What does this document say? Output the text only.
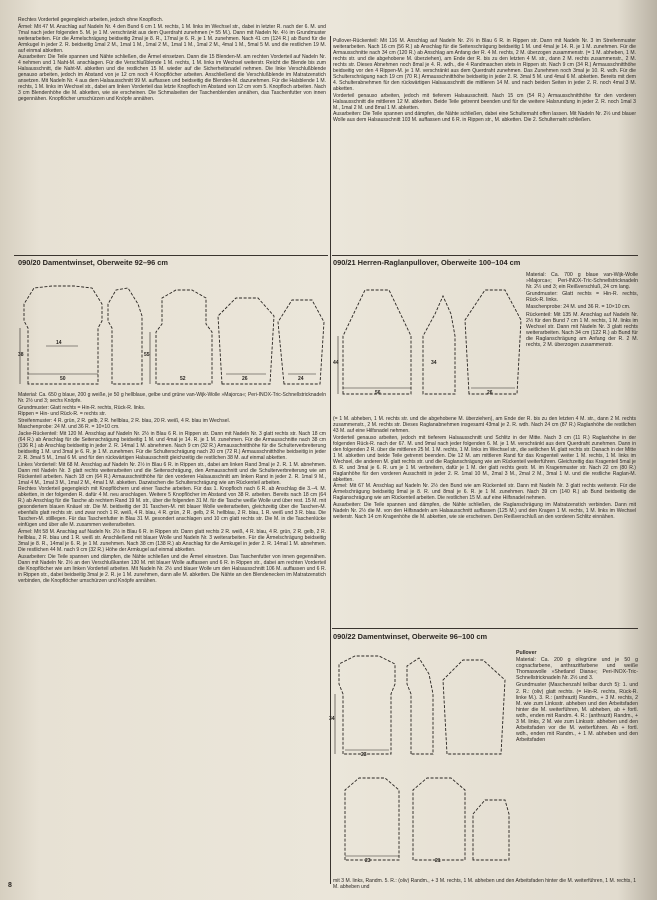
Rechtes Vorderteil gegengleich arbeiten, jedoch ohne Knopfloch.

Ärmel: Mit 47 M. Anschlag auf Nadeln Nr. 4 den Bund 6 cm 1 M. rechts, 1 M. links im Wechsel str., dabei in letzter R. nach der 6. M. und 7mal nach jeder folgenden 5. M. je 1 M. verschränkt aus dem Querdraht zunehmen (= 55 M.). Dann mit Nadeln Nr. 4½ im Grundmuster weiterarbeiten. Für die Ärmelschrägung beidseitig 2mal je 8. R., 17mal je 6. R. je 1 M. zunehmen. Nach 41 cm (124 R.) ab Bund für die Armkugel in jeder 2. R. beidseitig 1mal 2 M., 1mal 1 M., 1mal 2 M., 1mal 1 M., 1mal 2 M., 4mal 1 M., 5mal 5 M. und die restlichen 19 M. auf einmal abketten.

Ausarbeiten: Die Teile spannen und Nähte schließen, die Ärmel einsetzen. Dann die 15 Blenden-M. am rechten Vorderteil auf Nadeln Nr. 4 nehmen und 1 Naht-M. anschlagen. Für die Verschlußblende 1 M. rechts, 1 M. links im Wechsel weiterstr. Reicht die Blende bis zum Halsausschnitt, die Naht-M. abketten und die restlichen 15 M. wieder auf die Sicherheitsnadel nehmen. Die linke Verschlußblende genauso arbeiten, jedoch im Abstand von je 12 cm noch 4 Knopflöcher arbeiten. Anschließend die Verschlußblende im Matratzenstich ansetzen. Mit Nadeln Nr. 4 aus dem Halsausschnitt 99 M. auffassen und beidseitig die Blenden-M. dazunehmen. Für die Halsblende 1 M. rechts, 1 M. links im Wechsel str., dabei am linken Vorderteil das letzte Knopfloch im Abstand von 12 cm vom 5. Knopfloch arbeiten. Nach 3 cm Blendenhöhe die M. abketten, wie sie erscheinen. Die Schmalseiten der Taschenblenden annähen, das Taschenfutter von innen gegennähen. Knopflöcher umschürzen und Knöpfe annähen.

090/20 Damentwinset, Oberweite 92–96 cm

14
38
50
55
26	24
52

Material: Ca. 650 g blaue, 200 g weiße, je 50 g hellblaue, gelbe und grüne van-Wijk-Wolle »Majorca«; Peri-INOX-Tric-Schnellstricknadeln Nr. 2½ und 3; sechs Knöpfe.

Grundmuster: Glatt rechts = Hin-R. rechts, Rück-R. links.

Rippen = Hin- und Rück-R. = rechts str.

Streifenmuster: 4 R. grün, 2 R. gelb, 2 R. hellblau, 2 R. blau, 20 R. weiß, 4 R. blau im Wechsel.

Maschenprobe: 24 M. und 36 R. = 10×10 cm.

Jacke-Rückenteil: Mit 120 M. Anschlag auf Nadeln Nr. 2½ in Blau 6 R. in Rippen str. Dann mit Nadeln Nr. 3 glatt rechts str. Nach 18 cm (64 R.) ab Anschlag für die Seitenschrägung beidseitig 1 M. und 4mal je 14. R. je 1 M. zunehmen. Für die Armausschnitte nach 38 cm (136 R.) ab Anschlag beidseitig in jeder 2. R. 14mal 1 M. abnehmen. Nach 9 cm (32 R.) Armausschnitthöhe für die Schulterverbreiterung beidseitig 1 M. und 3mal je 6. R. je 1 M. zunehmen. Für die Schulterschrägung nach 20 cm (72 R.) Armausschnitthöhe beidseitig in jeder 2. R. 3mal 5 M., 1mal 6 M. und für den rückwärtigen Halsausschnitt gleichzeitig die restlichen 38 M. auf einmal abketten.

Linkes Vorderteil: Mit 68 M. Anschlag auf Nadeln Nr. 2½ in Blau 6 R. in Rippen str., dabei am linken Rand 3mal je 2. R. 1 M. abnehmen. Dann mit Nadeln Nr. 3 glatt rechts weiterarbeiten und die Seitenschrägung, den Armausschnitt und die Schulterverbreiterung wie am Rückenteil arbeiten. Nach 18 cm (64 R.) Armausschnitthöhe für den vorderen Halsausschnitt am linken Rand in jeder 2. R. 1mal 9 M., 1mal 4 M., 1mal 3 M., 1mal 2 M., 4mal 1 M. abketten. Dazwischen die Schulterschrägung wie am Rückenteil arbeiten.

Rechtes Vorderteil gegengleich mit Knopflöchern und einer Tasche arbeiten. Für das 1. Knopfloch nach 6 R. ab Anschlag die 3.–4. M. abketten, in der folgenden R. dafür 4 M. neu anschlagen. Weitere 5 Knopflöcher im Abstand von 38 R. arbeiten. Bereits nach 18 cm (64 R.) ab Anschlag für die Tasche ab rechtem Rand 19 M. str., über die folgenden 31 M. für die Tasche weiße Wolle und über rest. 15 M. mit gesondertem blauen Knäuel str. Die M. beidseitig der 31 Taschen-M. mit blauer Wolle weiterarbeiten, gleichzeitig über die Taschen-M. ebenfalls glatt rechts str. und zwar noch 1 R. weiß, 4 R. blau, 4 R. grün, 2 R. gelb, 2 R. hellblau, 2 R. blau, 1 R. weiß und 3 R. blau. Die Taschen-M. stilllegen. Für das Taschenfutter in Blau 31 M. gesondert anschlagen und 10 cm glatt rechts str. Die M. in die Taschenlücke einfügen und über alle M. zusammen weiterarbeiten.

Ärmel: Mit 58 M. Anschlag auf Nadeln Nr. 2½ in Blau 6 R. in Rippen str. Dann glatt rechts 2 R. weiß, 4 R. blau, 4 R. grün, 2 R. gelb, 2 R. hellblau, 2 R. blau und 1 R. weiß str. Anschließend mit blauer Wolle und Nadeln Nr. 3 weiterarbeiten. Für die Ärmelschrägung beidseitig 3mal je 8. R., 14mal je 6. R. je 1 M. zunehmen. Nach 38 cm (138 R.) ab Anschlag für die Armkugel in jeder 2. R. 14mal 1 M. abnehmen. Die restlichen 44 M. nach 9 cm (32 R.) Höhe der Armkugel auf einmal abketten.

Ausarbeiten: Die Teile spannen und dämpfen, die Nähte schließen und die Ärmel einsetzen. Das Taschenfutter von innen gegennähen. Dann mit Nadeln Nr. 2½ an den Verschlußkanten 130 M. mit blauer Wolle auffassen und 6 R. in Rippen str., dabei am rechten Vorderteil die Knopflöcher wie am linken Vorderteil arbeiten. Mit Nadeln Nr. 2½ und blauer Wolle um den Halsausschnitt 106 M. auffassen und 6 R. in Rippen str., dabei beidseitig 3mal je 2. R. je 1 M. zunehmen, dann alle M. abketten. Die Nähte an den Blendenecken im Matratzenstich verbinden, die Knopflöcher umschürzen und Knöpfe annähen.

Pullover-Rückenteil: Mit 116 M. Anschlag auf Nadeln Nr. 2½ in Blau 6 R. in Rippen str. Dann mit Nadeln Nr. 3 im Streifenmuster weiterarbeiten. Nach 16 cm (56 R.) ab Anschlag für die Seitenschrägung beidseitig 1 M. und 4mal je 14. R. je 1 M. zunehmen. Für die Armausschnitte nach 34 cm (120 R.) ab Anschlag am Anfang der R. 4 M. rechts, 2 M. überzogen zusammenstr. (= 1 M. abheben, 1 M. rechts str. und die abgehobene M. überziehen), am Ende der R. bis zu den letzten 4 M. str., dann 2 M. rechts zusammenstr., 2 M. rechts str. Dieses Abnehmen noch 8mal je 4. R. wdh., die 4 Randmaschen stets in Rippen str. Nach 9 cm (34 R.) Armausschnitthöhe beidseitig vor den 4 Rippen-M. je 1 M. verschränkt aus dem Querdraht zunehmen. Das Zunehmen noch 3mal je 10. R. wdh. Für die Schulterschrägung nach 19 cm (70 R.) Armausschnitthöhe beidseitig in jeder 2. R. 3mal 5 M. und 4mal 6 M. abketten. Bereits mit dem 4. Schulterabnehmen für den rückwärtigen Halsausschnitt die mittleren 14 M. und nach beiden Seiten in jeder 2. R. noch 4mal 3 M. abketten.

Vorderteil genauso arbeiten, jedoch mit tieferem Halsausschnitt. Nach 15 cm (54 R.) Armausschnitthöhe für den vorderen Halsausschnitt die mittleren 12 M. abketten. Beide Teile getrennt beenden und für die weitere Halsrundung in jeder 2. R. noch 1mal 3 M., 1mal 2 M. und 8mal 1 M. abketten.

Ausarbeiten: Die Teile spannen und dämpfen, die Nähte schließen, dabei eine Schulternaht offen lassen. Mit Nadeln Nr. 2½ und blauer Wolle aus dem Halsausschnitt 103 M. auffassen und 6 R. in Rippen str., M. abketten. Die 2. Schulternaht schließen.

090/21 Herren-Raglanpullover, Oberweite 100–104 cm

44
56	26
34

Material: Ca. 700 g blaue van-Wijk-Wolle »Majorca«; Peri-INOX-Tric-Schnellstricknadeln Nr. 2½ und 3; ein Reißverschluß, 24 cm lang.

Grundmuster: Glatt rechts = Hin-R. rechts, Rück-R. links.

Maschenprobe: 24 M. und 36 R. = 10×10 cm.

Rückenteil: Mit 135 M. Anschlag auf Nadeln Nr. 2½ für den Bund 7 cm 1 M. rechts, 1 M. links im Wechsel str. Dann mit Nadeln Nr. 3 glatt rechts weiterarbeiten. Nach 34 cm (122 R.) ab Bund für die Raglanschrägung am Anfang der R. 2 M. rechts, 2 M. überzogen zusammenstr.

(= 1 M. abheben, 1 M. rechts str. und die abgehobene M. überziehen), am Ende der R. bis zu den letzten 4 M. str., dann 2 M. rechts zusammenstr., 2 M. rechts str. Dieses Raglanabnehmen insgesamt 43mal je 2. R. wdh. Nach 24 cm (87 R.) Raglanhöhe die restlichen 43 M. auf eine Hilfsnadel nehmen.

Vorderteil genauso arbeiten, jedoch mit tieferem Halsausschnitt und Schlitz in der Mitte. Nach 3 cm (11 R.) Raglanhöhe in der folgenden Rück-R. nach der 67. M. und 9mal nach jeder folgenden 6. M. je 1 M. verschränkt aus dem Querdraht zunehmen. Dann in den folgenden 2 R. über die mittleren 25 M. 1 M. rechts, 1 M. links im Wechsel str., die seitlichen M. glatt rechts str. Danach in der Mitte 1 M. abketten und beide Teile getrennt beenden. Die 12 M. am mittleren Rand für das Kragenteil weiter 1 M. rechts, 1 M. links im Wechsel, die anderen M. glatt rechts str. und die Raglanschrägung wie am Rückenteil weiterführen. Gleichzeitig das Kragenteil 5mal je 8. R. und 3mal je 6. R. um je 1 M. verbreitern, dafür je 1 M. der glatt rechts gestr. M. im Kragenmuster str. Nach 22 cm (80 R.) Raglanhöhe für den vorderen Ausschnitt in jeder 2. R. 1mal 10 M., 2mal 3 M., 2mal 2 M., 3mal 1 M. und die restliche Raglan-M. abketten.

Ärmel: Mit 67 M. Anschlag auf Nadeln Nr. 2½ den Bund wie am Rückenteil str. Dann mit Nadeln Nr. 3 glatt rechts weiterstr. Für die Ärmelschrägung beidseitig 9mal je 8. R. und 8mal je 6. R. je 1 M. zunehmen. Nach 39 cm (140 R.) ab Bund beidseitig die Raglanschrägung wie am Rückenteil arbeiten. Die restlichen 15 M. auf eine Hilfsnadel nehmen.

Ausarbeiten: Die Teile spannen und dämpfen, die Nähte schließen, die Raglanschrägung im Matratzenstich verbinden. Dann mit Nadeln Nr. 2½ die M. von den Hilfsnadeln am Halsausschnitt auffassen (125 M.) und den Kragen 1 M. rechts, 1 M. links im Wechsel weiterstr. Nach 14 cm Kragenhöhe die M. abketten, wie sie erscheinen. Den Reißverschluß an den vorderen Schlitz einnähen.

090/22 Damentwinset, Oberweite 96–100 cm

34
23
23	21

Pullover

Material: Ca. 200 g olivgrüne und je 50 g cognacfarbene, anthrazitfarbene und weiße Thomaswolle »Shetland Diana«; Peri-INOX-Tric-Schnellstricknadeln Nr. 2½ und 3.

Grundmuster (Maschenzahl teilbar durch 5): 1. und 2. R.: (oliv) glatt rechts. (= Hin-R. rechts, Rück-R. linke M.). 3. R.: (anthrazit) Randm., + 3 M. rechts, 2 M. wie zum Linksstr. abheben und den Arbeitsfaden hinter die M. weiterführen, M. abheben, ab + fortl. wdh., enden mit Randm. 4. R.: (anthrazit) Randm., + 3 M. links, 2 M. wie zum Linksstr. abheben und den Arbeitsfaden vor die M. weiterführen. Ab + fortl. wdh., enden mit Randm., + 1 M. abheben und den Arbeitsfaden

mit 3 M. links, Randm. 5. R.: (oliv) Randm., + 3 M. rechts, 1 M. abheben und den Arbeitsfaden hinter die M. weiterführen, 1 M. rechts, 1 M. abheben und

8
